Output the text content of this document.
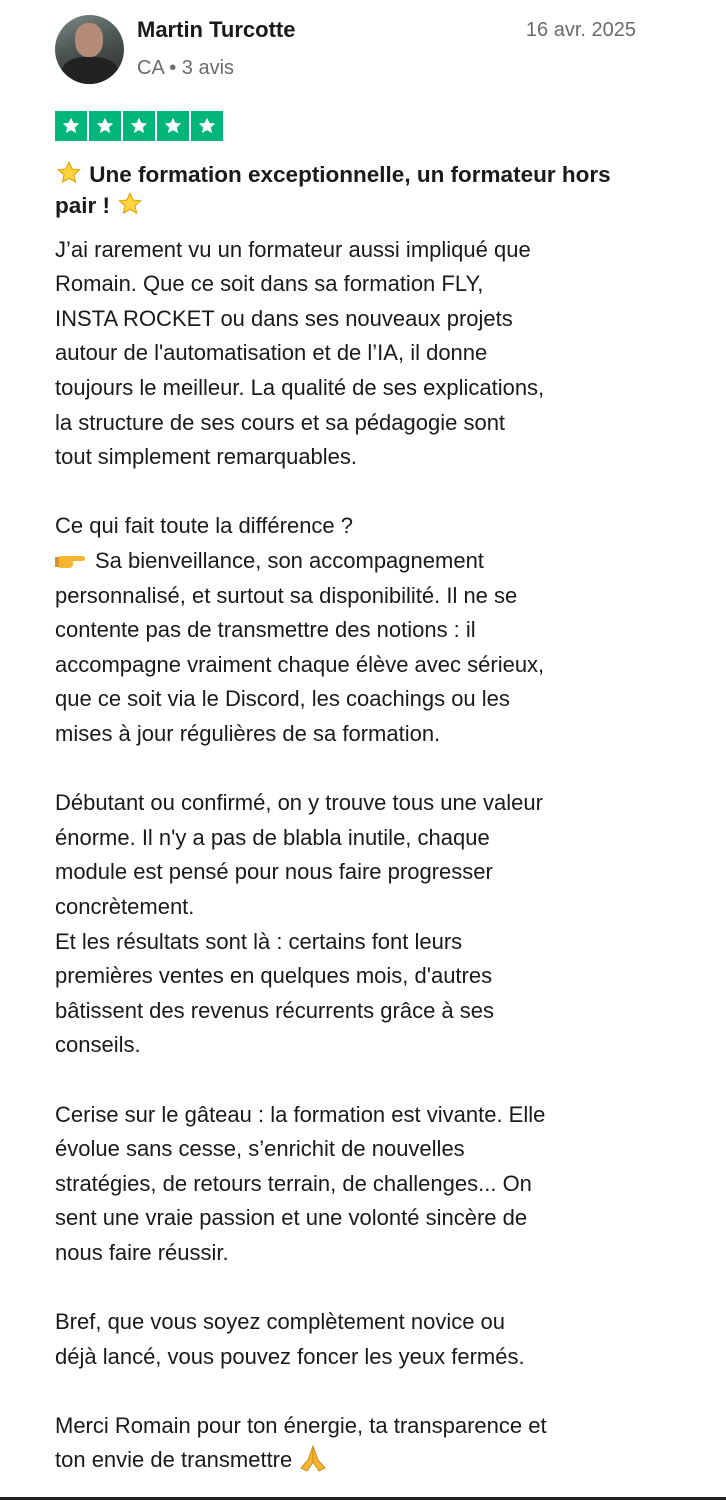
Martin Turcotte
CA • 3 avis
16 avr. 2025
Une formation exceptionnelle, un formateur hors pair !
J’ai rarement vu un formateur aussi impliqué que
Romain. Que ce soit dans sa formation FLY,
INSTA ROCKET ou dans ses nouveaux projets
autour de l'automatisation et de l’IA, il donne
toujours le meilleur. La qualité de ses explications,
la structure de ses cours et sa pédagogie sont
tout simplement remarquables.
Ce qui fait toute la différence ?
Sa bienveillance, son accompagnement
personnalisé, et surtout sa disponibilité. Il ne se
contente pas de transmettre des notions : il
accompagne vraiment chaque élève avec sérieux,
que ce soit via le Discord, les coachings ou les
mises à jour régulières de sa formation.
Débutant ou confirmé, on y trouve tous une valeur
énorme. Il n'y a pas de blabla inutile, chaque
module est pensé pour nous faire progresser
concrètement.
Et les résultats sont là : certains font leurs
premières ventes en quelques mois, d'autres
bâtissent des revenus récurrents grâce à ses
conseils.
Cerise sur le gâteau : la formation est vivante. Elle
évolue sans cesse, s’enrichit de nouvelles
stratégies, de retours terrain, de challenges... On
sent une vraie passion et une volonté sincère de
nous faire réussir.
Bref, que vous soyez complètement novice ou
déjà lancé, vous pouvez foncer les yeux fermés.
Merci Romain pour ton énergie, ta transparence et
ton envie de transmettre
